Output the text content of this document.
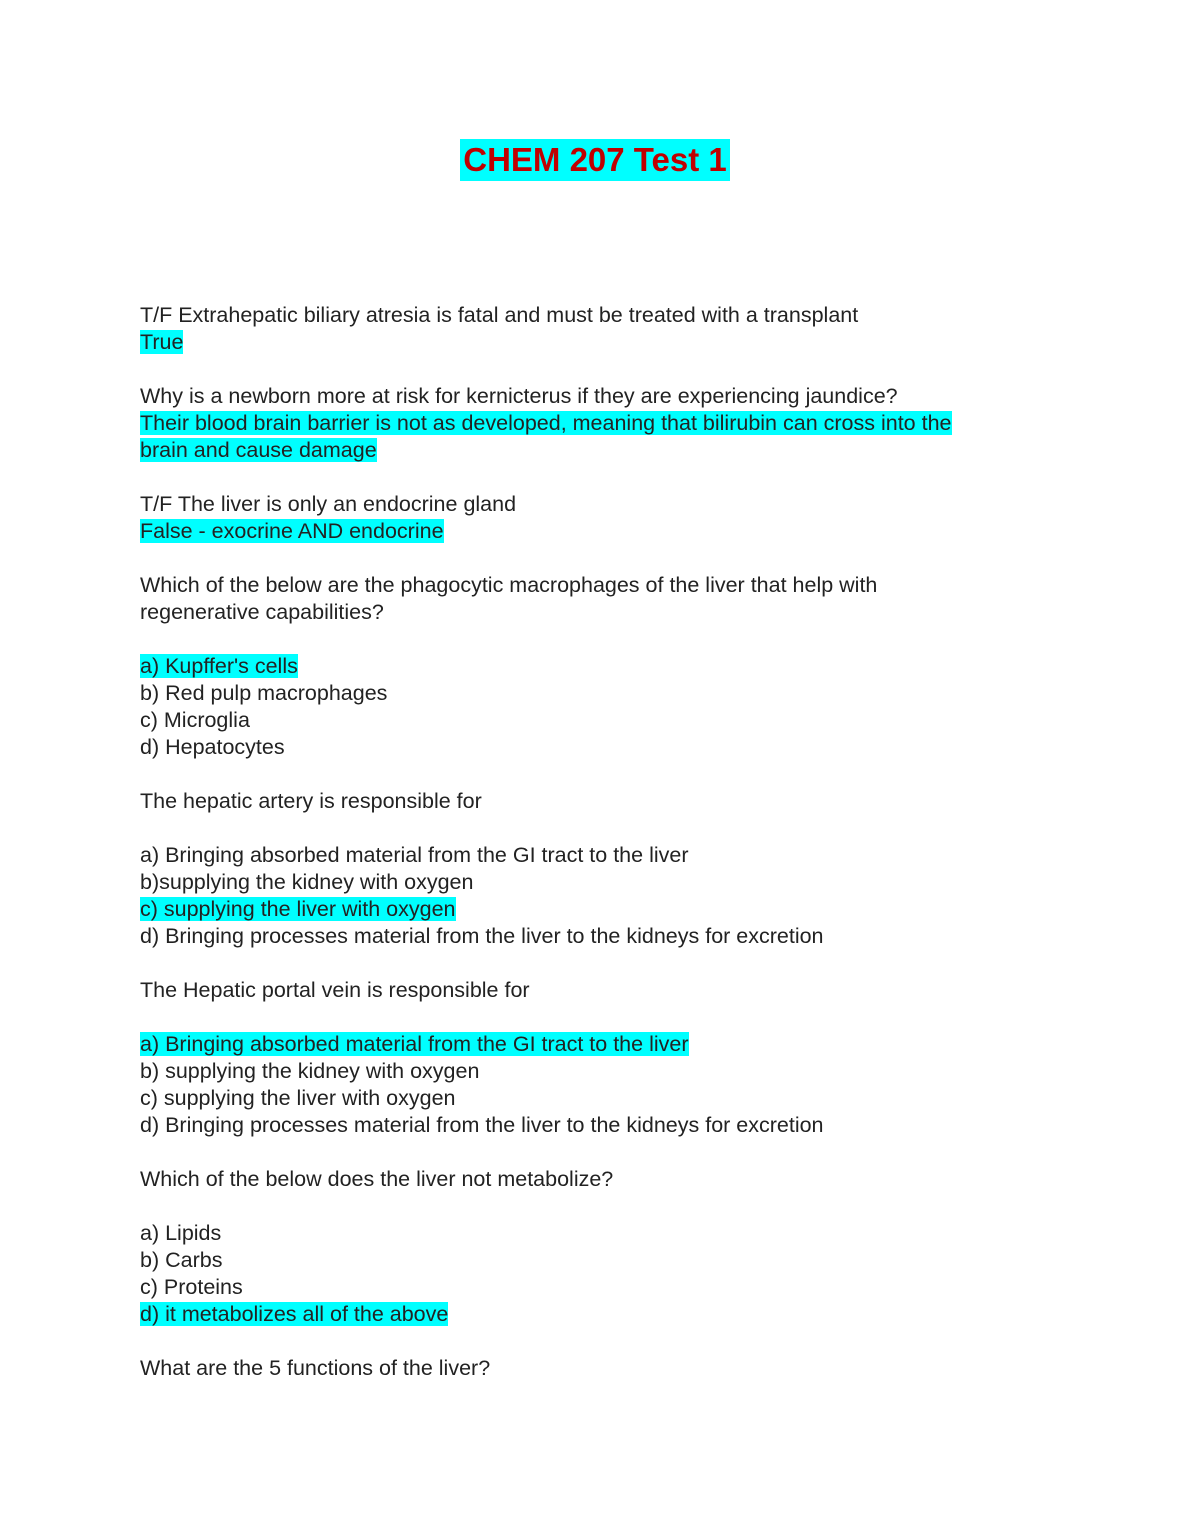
CHEM 207 Test 1
T/F Extrahepatic biliary atresia is fatal and must be treated with a transplant
True
Why is a newborn more at risk for kernicterus if they are experiencing jaundice?
Their blood brain barrier is not as developed, meaning that bilirubin can cross into the
brain and cause damage
T/F The liver is only an endocrine gland
False - exocrine AND endocrine
Which of the below are the phagocytic macrophages of the liver that help with
regenerative capabilities?
a) Kupffer's cells
b) Red pulp macrophages
c) Microglia
d) Hepatocytes
The hepatic artery is responsible for
a) Bringing absorbed material from the GI tract to the liver
b)supplying the kidney with oxygen
c) supplying the liver with oxygen
d) Bringing processes material from the liver to the kidneys for excretion
The Hepatic portal vein is responsible for
a) Bringing absorbed material from the GI tract to the liver
b) supplying the kidney with oxygen
c) supplying the liver with oxygen
d) Bringing processes material from the liver to the kidneys for excretion
Which of the below does the liver not metabolize?
a) Lipids
b) Carbs
c) Proteins
d) it metabolizes all of the above
What are the 5 functions of the liver?
